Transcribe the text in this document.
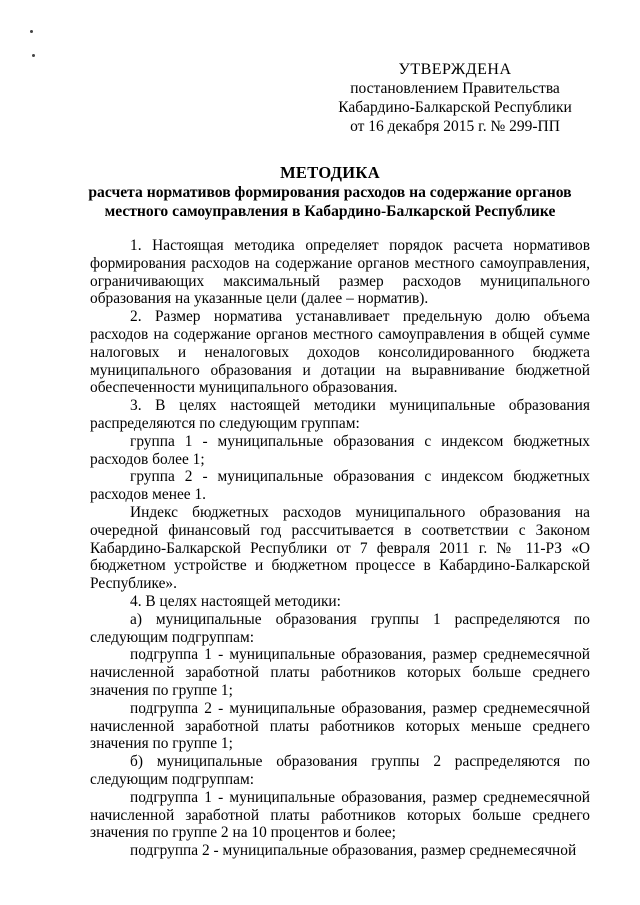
УТВЕРЖДЕНА
постановлением Правительства
Кабардино-Балкарской Республики
от 16 декабря 2015 г. № 299-ПП
МЕТОДИКА
расчета нормативов формирования расходов на содержание органов
местного самоуправления в Кабардино-Балкарской Республике

1. Настоящая методика определяет порядок расчета нормативов формирования расходов на содержание органов местного самоуправления, ограничивающих максимальный размер расходов муниципального образования на указанные цели (далее – норматив).

2. Размер норматива устанавливает предельную долю объема расходов на содержание органов местного самоуправления в общей сумме налоговых и неналоговых доходов консолидированного бюджета муниципального образования и дотации на выравнивание бюджетной обеспеченности муниципального образования.

3. В целях настоящей методики муниципальные образования распределяются по следующим группам:

группа 1 - муниципальные образования с индексом бюджетных расходов более 1;

группа 2 - муниципальные образования с индексом бюджетных расходов менее 1.

Индекс бюджетных расходов муниципального образования на очередной финансовый год рассчитывается в соответствии с Законом Кабардино-Балкарской Республики от 7 февраля 2011 г. № 11-РЗ «О бюджетном устройстве и бюджетном процессе в Кабардино-Балкарской Республике».

4. В целях настоящей методики:

а) муниципальные образования группы 1 распределяются по следующим подгруппам:

подгруппа 1 - муниципальные образования, размер среднемесячной начисленной заработной платы работников которых больше среднего значения по группе 1;

подгруппа 2 - муниципальные образования, размер среднемесячной начисленной заработной платы работников которых меньше среднего значения по группе 1;

б) муниципальные образования группы 2 распределяются по следующим подгруппам:

подгруппа 1 - муниципальные образования, размер среднемесячной начисленной заработной платы работников которых больше среднего значения по группе 2 на 10 процентов и более;

подгруппа 2 - муниципальные образования, размер среднемесячной
